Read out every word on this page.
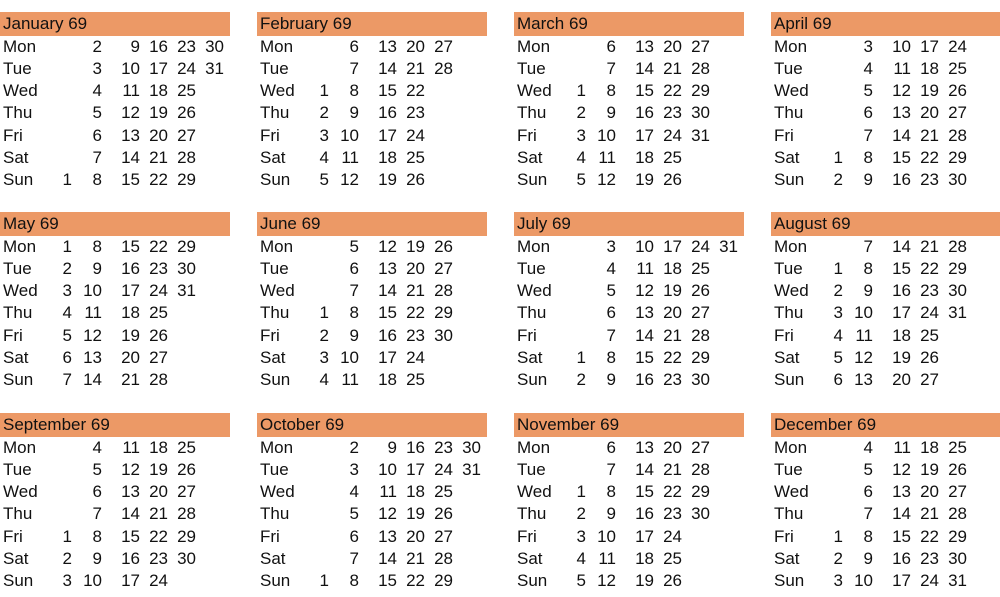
January 69
Mon	2	9 16 23 30
Tue	3	10 17 24 31
Wed	4	11 18 25
Thu	5	12 19 26
Fri	6	13 20 27
Sat	7	14 21 28
Sun	1	8	15 22 29
February 69
Mon	6	13 20 27
Tue	7	14 21 28
Wed	1	8	15 22
Thu	2	9	16 23
Fri	3 10	17 24
Sat	4 11	18 25
Sun	5 12	19 26
March 69
Mon	6	13 20 27
Tue	7	14 21 28
Wed	1	8	15 22 29
Thu	2	9	16 23 30
Fri	3 10	17 24 31
Sat	4 11	18 25
Sun	5 12	19 26
April 69
Mon	3	10 17 24
Tue	4	11 18 25
Wed	5	12 19 26
Thu	6	13 20 27
Fri	7	14 21 28
Sat	1	8	15 22 29
Sun	2	9	16 23 30
May 69
Mon	1	8	15 22 29
Tue	2	9	16 23 30
Wed	3 10	17 24 31
Thu	4 11	18 25
Fri	5 12	19 26
Sat	6 13	20 27
Sun	7 14	21 28
June 69
Mon	5	12 19 26
Tue	6	13 20 27
Wed	7	14 21 28
Thu	1	8	15 22 29
Fri	2	9	16 23 30
Sat	3 10	17 24
Sun	4 11	18 25
July 69
Mon	3	10 17 24 31
Tue	4	11 18 25
Wed	5	12 19 26
Thu	6	13 20 27
Fri	7	14 21 28
Sat	1	8	15 22 29
Sun	2	9	16 23 30
August 69
Mon	7	14 21 28
Tue	1	8	15 22 29
Wed	2	9	16 23 30
Thu	3 10	17 24 31
Fri	4 11	18 25
Sat	5 12	19 26
Sun	6 13	20 27
September 69
Mon	4	11 18 25
Tue	5	12 19 26
Wed	6	13 20 27
Thu	7	14 21 28
Fri	1	8	15 22 29
Sat	2	9	16 23 30
Sun	3 10	17 24
October 69
Mon	2	9 16 23 30
Tue	3	10 17 24 31
Wed	4	11 18 25
Thu	5	12 19 26
Fri	6	13 20 27
Sat	7	14 21 28
Sun	1	8	15 22 29
November 69
Mon	6	13 20 27
Tue	7	14 21 28
Wed	1	8	15 22 29
Thu	2	9	16 23 30
Fri	3 10	17 24
Sat	4 11	18 25
Sun	5 12	19 26
December 69
Mon	4	11 18 25
Tue	5	12 19 26
Wed	6	13 20 27
Thu	7	14 21 28
Fri	1	8	15 22 29
Sat	2	9	16 23 30
Sun	3 10	17 24 31
